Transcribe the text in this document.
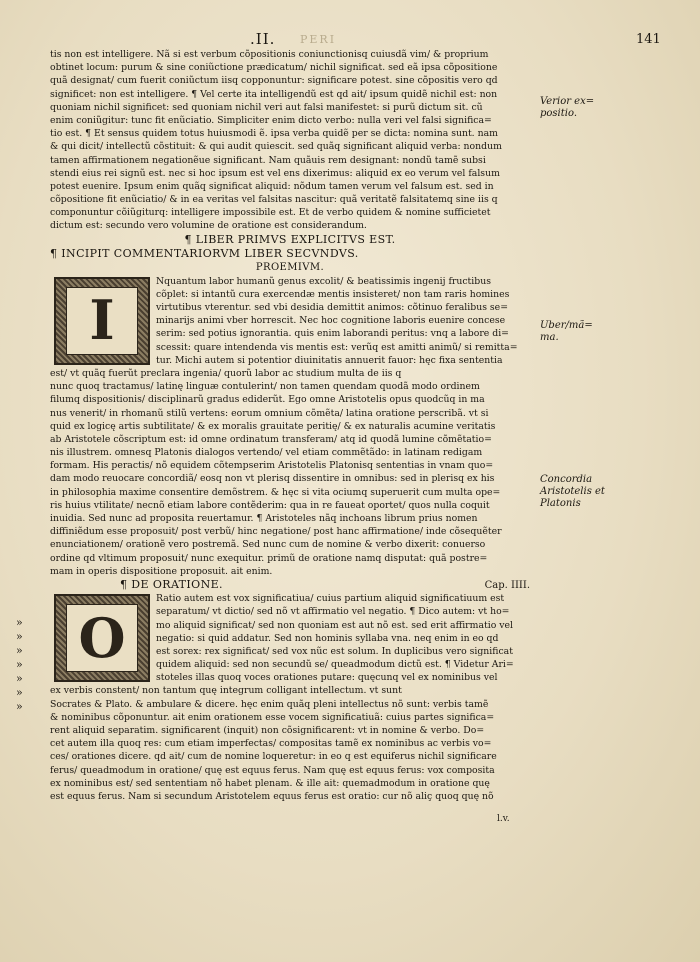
.II. PERI	141
tis non est intelligere. Nã si est verbum cõpositionis coniunctionisq cuiusdã vim/ & proprium
obtinet locum: purum & sine coniũctione prædicatum/ nichil significat. sed eã ipsa cõpositione
quã designat/ cum fuerit coniũctum iisq copponuntur: significare potest. sine cõpositis vero qd
significet: non est intelligere. ¶ Vel certe ita intelligendũ est qd ait/ ipsum quidẽ nichil est: non
quoniam nichil significet: sed quoniam nichil veri aut falsi manifestet: si purũ dictum sit. cũ
enim coniũgitur: tunc fit enũciatio. Simpliciter enim dicto verbo: nulla veri vel falsi significa=
tio est. ¶ Et sensus quidem totus huiusmodi ẽ. ipsa verba quidẽ per se dicta: nomina sunt. nam
& qui dicit/ intellectũ cõstituit: & qui audit quiescit. sed quãq significant aliquid verba: nondum
tamen affirmationem negationẽue significant. Nam quãuis rem designant: nondũ tamẽ subsi
stendi eius rei signũ est. nec si hoc ipsum est vel ens dixerimus: aliquid ex eo verum vel falsum
potest euenire. Ipsum enim quãq significat aliquid: nõdum tamen verum vel falsum est. sed in
cõpositione fit enũciatio/ & in ea veritas vel falsitas nascitur: quã veritatẽ falsitatemq sine iis q
componuntur cõiũgiturq: intelligere impossibile est. Et de verbo quidem & nomine sufficietet
dictum est: secundo vero volumine de oratione est considerandum.
¶ LIBER PRIMVS EXPLICITVS EST.
¶ INCIPIT COMMENTARIORVM LIBER SECVNDVS.
PROEMIVM.
I
Nquantum labor humanũ genus excolit/ & beatissimis ingenij fructibus
cõplet: si intantũ cura exercendæ mentis insisteret/ non tam raris homines
virtutibus vterentur. sed vbi desidia demittit animos: cõtinuo feralibus se=
minarijs animi vber horrescit. Nec hoc cognitione laboris euenire concese
serim: sed potius ignorantia. quis enim laborandi peritus: vnq a labore di=
scessit: quare intendenda vis mentis est: verũq est amitti animũ/ si remitta=
tur. Michi autem si potentior diuinitatis annuerit fauor: hęc fixa sententia
est/ vt quãq fuerũt preclara ingenia/ quorũ labor ac studium multa de iis q
nunc quoq tractamus/ latinę linguæ contulerint/ non tamen quendam quodã modo ordinem
filumq dispositionis/ disciplinarũ gradus ediderũt. Ego omne Aristotelis opus quodcũq in ma
nus venerit/ in rhomanũ stilũ vertens: eorum omnium cõmẽta/ latina oratione perscribã. vt si
quid ex logicę artis subtilitate/ & ex moralis grauitate peritię/ & ex naturalis acumine veritatis
ab Aristotele cõscriptum est: id omne ordinatum transferam/ atq id quodã lumine cõmẽtatio=
nis illustrem. omnesq Platonis dialogos vertendo/ vel etiam commẽtãdo: in latinam redigam
formam. His peractis/ nõ equidem cõtempserim Aristotelis Platonisq sententias in vnam quo=
dam modo reuocare concordiã/ eosq non vt plerisq dissentire in omnibus: sed in plerisq ex his
in philosophia maxime consentire demõstrem. & hęc si vita ociumq superuerit cum multa ope=
ris huius vtilitate/ necnõ etiam labore contẽderim: qua in re faueat oportet/ quos nulla coquit
inuidia. Sed nunc ad proposita reuertamur. ¶ Aristoteles nãq inchoans librum prius nomen
diffiniẽdum esse proposuit/ post verbũ/ hinc negatione/ post hanc affirmatione/ inde cõsequẽter
enunciationem/ orationẽ vero postremã. Sed nunc cum de nomine & verbo dixerit: conuerso
ordine qd vltimum proposuit/ nunc exequitur. primũ de oratione namq disputat: quã postre=
mam in operis dispositione proposuit. ait enim.
¶ DE ORATIONE.	Cap. IIII.
O
Ratio autem est vox significatiua/ cuius partium aliquid significatiuum est
separatum/ vt dictio/ sed nõ vt affirmatio vel negatio. ¶ Dico autem: vt ho=
mo aliquid significat/ sed non quoniam est aut nõ est. sed erit affirmatio vel
negatio: si quid addatur. Sed non hominis syllaba vna. neq enim in eo qd
est sorex: rex significat/ sed vox nũc est solum. In duplicibus vero significat
quidem aliquid: sed non secundũ se/ queadmodum dictũ est. ¶ Videtur Ari=
stoteles illas quoq voces orationes putare: quęcunq vel ex nominibus vel
ex verbis constent/ non tantum quę integrum colligant intellectum. vt sunt
Socrates & Plato. & ambulare & dicere. hęc enim quãq pleni intellectus nõ sunt: verbis tamẽ
& nominibus cõponuntur. ait enim orationem esse vocem significatiuã: cuius partes significa=
rent aliquid separatim. significarent (inquit) non cõsignificarent: vt in nomine & verbo. Do=
cet autem illa quoq res: cum etiam imperfectas/ compositas tamẽ ex nominibus ac verbis vo=
ces/ orationes dicere. qd ait/ cum de nomine loqueretur: in eo q est equiferus nichil significare
ferus/ queadmodum in oratione/ quę est equus ferus. Nam quę est equus ferus: vox composita
ex nominibus est/ sed sententiam nõ habet plenam. & ille ait: quemadmodum in oratione quę
est equus ferus. Nam si secundum Aristotelem equus ferus est oratio: cur nõ aliç quoq quę nõ
Verior ex= positio.
Uber/mã= ma.
Concordia Aristotelis et Platonis
»
»
»
»
»
»
»
l.v.
